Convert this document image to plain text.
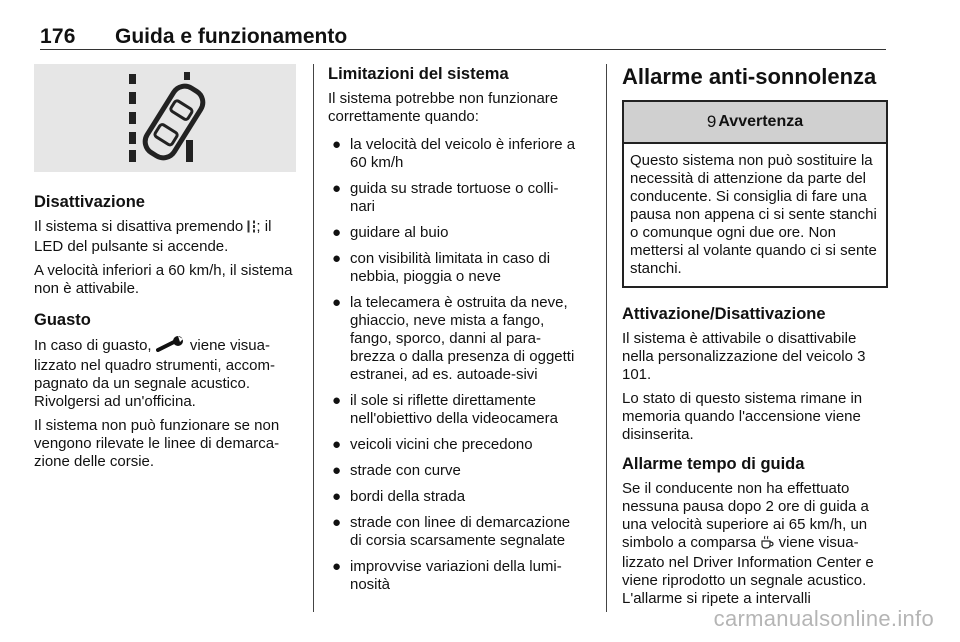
176 Guida e funzionamento
Disattivazione

Il sistema si disattiva premendo ; il LED del pulsante si accende.

A velocità inferiori a 60 km/h, il sistema non è attivabile.

Guasto

In caso di guasto,  viene visua-lizzato nel quadro strumenti, accom-pagnato da un segnale acustico. Rivolgersi ad un'officina.

Il sistema non può funzionare se non vengono rilevate le linee di demarca-zione delle corsie.

Limitazioni del sistema

Il sistema potrebbe non funzionare correttamente quando:

● la velocità del veicolo è inferiore a 60 km/h
● guida su strade tortuose o colli-nari
● guidare al buio
● con visibilità limitata in caso di nebbia, pioggia o neve
● la telecamera è ostruita da neve, ghiaccio, neve mista a fango, fango, sporco, danni al para-brezza o dalla presenza di oggetti estranei, ad es. autoade-sivi
● il sole si riflette direttamente nell'obiettivo della videocamera
● veicoli vicini che precedono
● strade con curve
● bordi della strada
● strade con linee di demarcazione di corsia scarsamente segnalate
● improvvise variazioni della lumi-nosità
Allarme anti-sonnolenza
9 Avvertenza
Questo sistema non può sostituire la necessità di attenzione da parte del conducente. Si consiglia di fare una pausa non appena ci si sente stanchi o comunque ogni due ore. Non mettersi al volante quando ci si sente stanchi.
Attivazione/Disattivazione

Il sistema è attivabile o disattivabile nella personalizzazione del veicolo 3 101.

Lo stato di questo sistema rimane in memoria quando l'accensione viene disinserita.

Allarme tempo di guida

Se il conducente non ha effettuato nessuna pausa dopo 2 ore di guida a una velocità superiore ai 65 km/h, un simbolo a comparsa  viene visua-lizzato nel Driver Information Center e viene riprodotto un segnale acustico. L'allarme si ripete a intervalli

carmanualsonline.info
